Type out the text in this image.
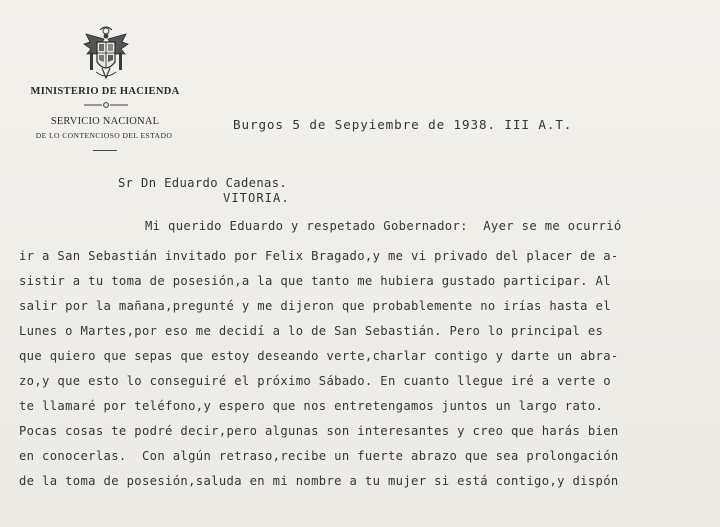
MINISTERIO DE HACIENDA
SERVICIO NACIONAL
DE LO CONTENCIOSO DEL ESTADO
Burgos 5 de Sepyiembre de 1938. III A.T.
Sr Dn Eduardo Cadenas.
VITORIA.
Mi querido Eduardo y respetado Gobernador:  Ayer se me ocurrió
ir a San Sebastián invitado por Felix Bragado,y me vi privado del placer de a-
sistir a tu toma de posesión,a la que tanto me hubiera gustado participar. Al
salir por la mañana,pregunté y me dijeron que probablemente no irías hasta el
Lunes o Martes,por eso me decidí a lo de San Sebastián. Pero lo principal es
que quiero que sepas que estoy deseando verte,charlar contigo y darte un abra-
zo,y que esto lo conseguiré el próximo Sábado. En cuanto llegue iré a verte o
te llamaré por teléfono,y espero que nos entretengamos juntos un largo rato.
Pocas cosas te podré decir,pero algunas son interesantes y creo que harás bien
en conocerlas.  Con algún retraso,recibe un fuerte abrazo que sea prolongación
de la toma de posesión,saluda en mi nombre a tu mujer si está contigo,y dispón
